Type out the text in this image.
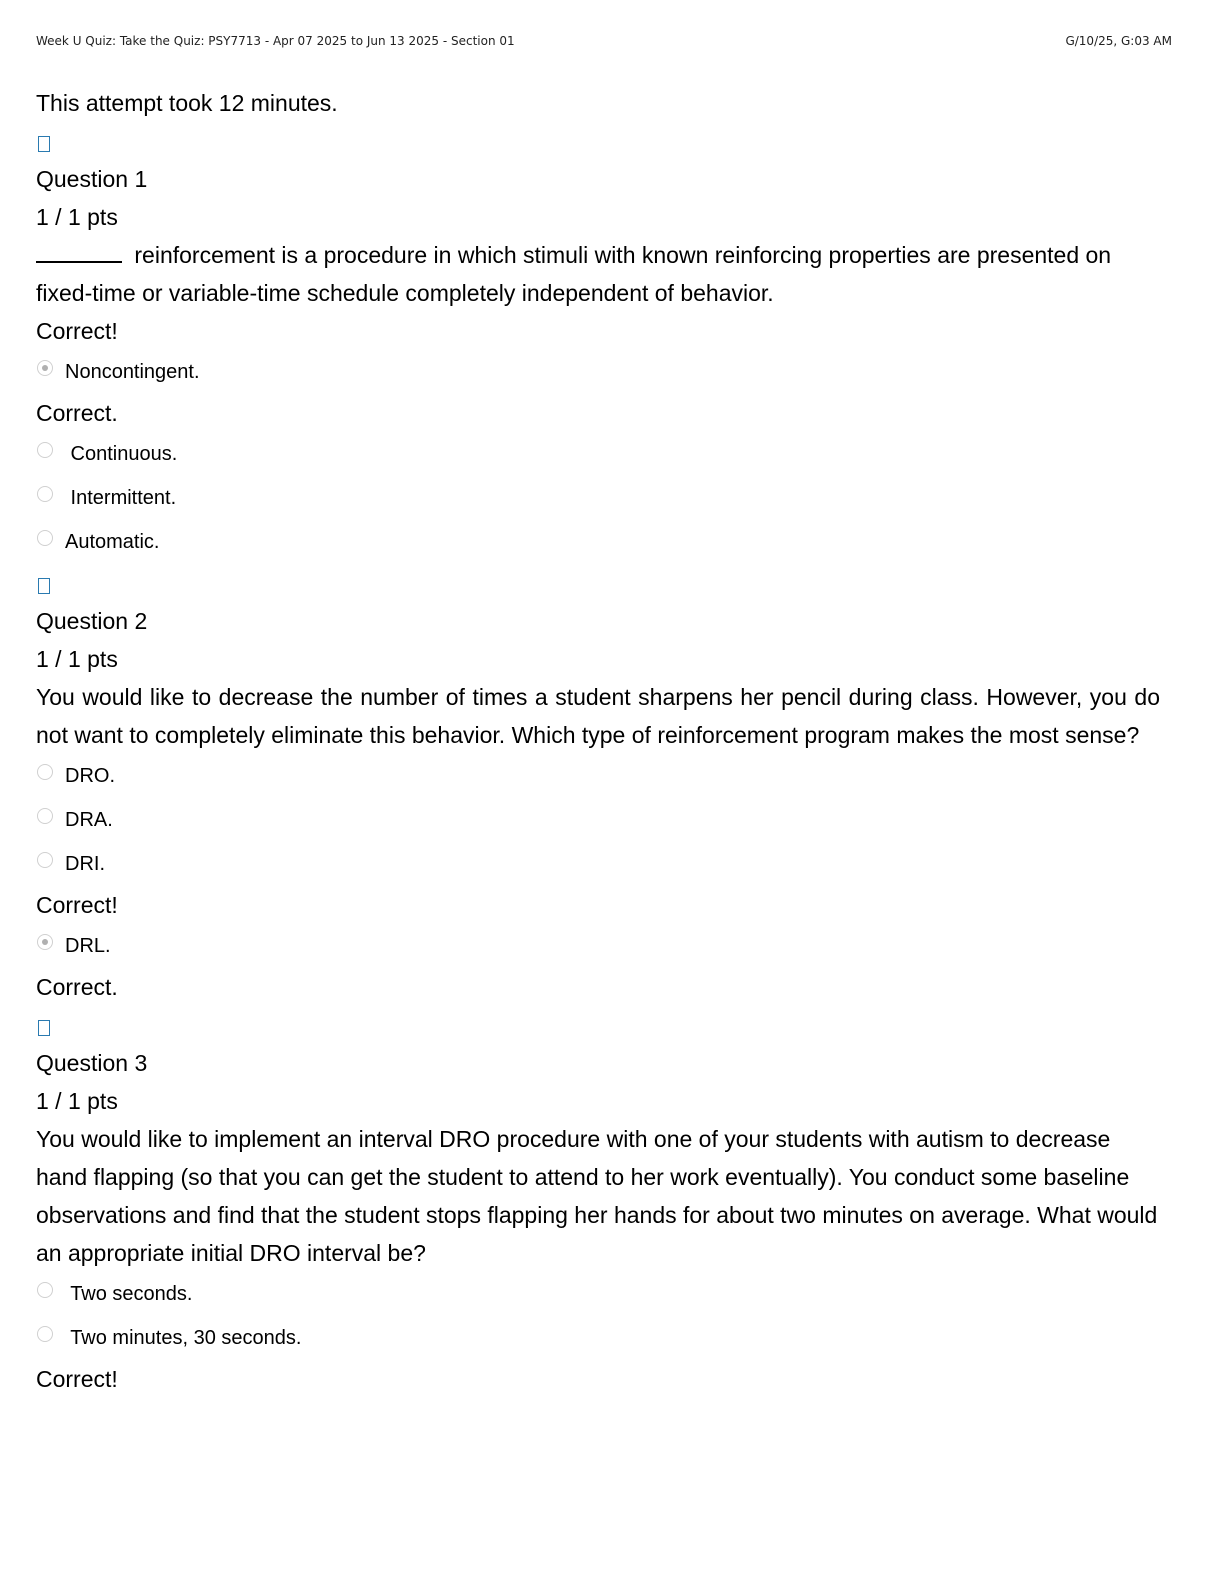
Week U Quiz: Take the Quiz: PSY7713 - Apr 07 2025 to Jun 13 2025 - Section 01	G/10/25, G:03 AM
This attempt took 12 minutes.
Question 1
1 / 1 pts
reinforcement is a procedure in which stimuli with known reinforcing properties are presented on fixed-time or variable-time schedule completely independent of behavior.
Correct!
Noncontingent.
Correct.
Continuous.
Intermittent.
Automatic.
Question 2
1 / 1 pts
You would like to decrease the number of times a student sharpens her pencil during class. However, you do not want to completely eliminate this behavior. Which type of reinforcement program makes the most sense?
DRO.
DRA.
DRI.
Correct!
DRL.
Correct.
Question 3
1 / 1 pts
You would like to implement an interval DRO procedure with one of your students with autism to decrease hand flapping (so that you can get the student to attend to her work eventually). You conduct some baseline observations and find that the student stops flapping her hands for about two minutes on average. What would an appropriate initial DRO interval be?
Two seconds.
Two minutes, 30 seconds.
Correct!
